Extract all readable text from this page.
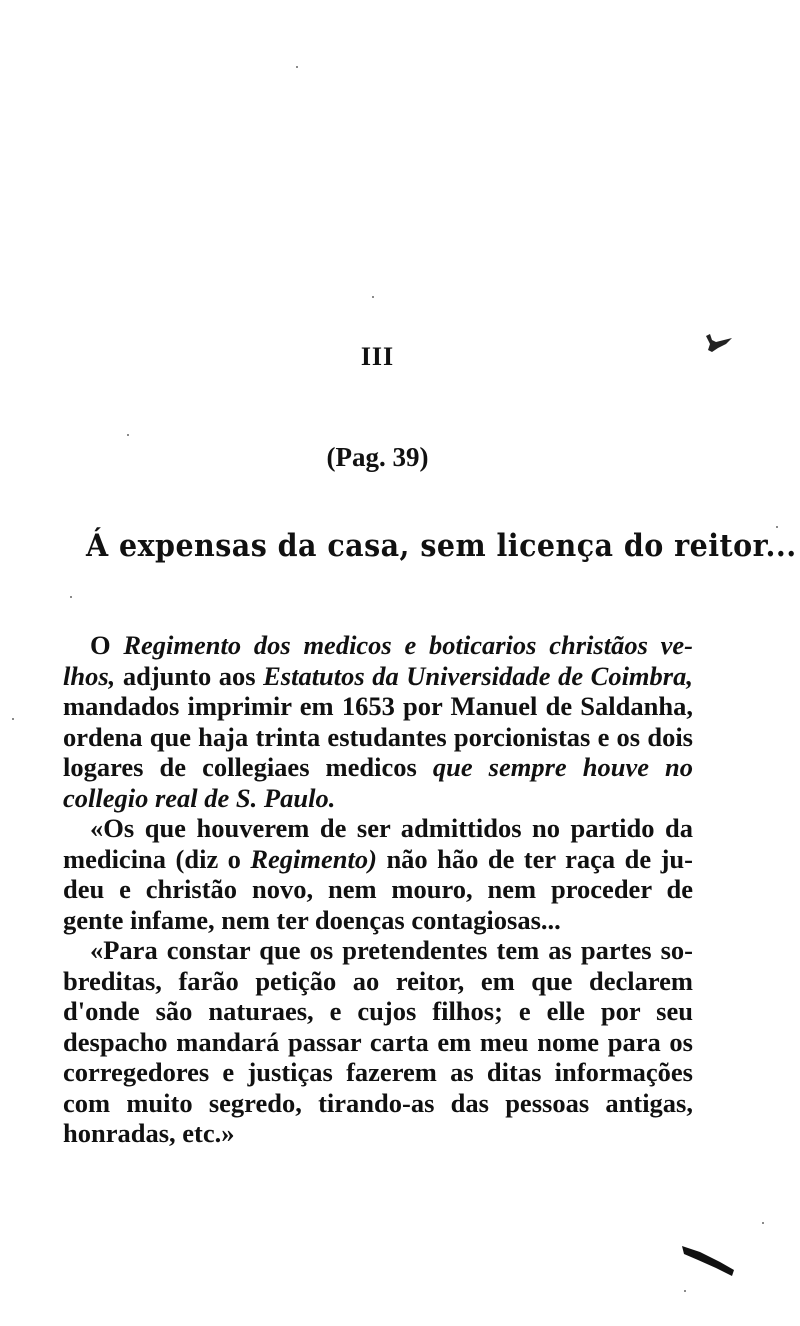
III
(Pag. 39)
Á expensas da casa, sem licença do reitor...

O Regimento dos medicos e boticarios christãos velhos, adjunto aos Estatutos da Universidade de Coimbra, mandados imprimir em 1653 por Manuel de Saldanha, ordena que haja trinta estudantes porcionistas e os dois logares de collegiaes medicos que sempre houve no collegio real de S. Paulo.

«Os que houverem de ser admittidos no partido da medicina (diz o Regimento) não hão de ter raça de judeu e christão novo, nem mouro, nem proceder de gente infame, nem ter doenças contagiosas...

«Para constar que os pretendentes tem as partes sobreditas, farão petição ao reitor, em que declarem d'onde são naturaes, e cujos filhos; e elle por seu despacho mandará passar carta em meu nome para os corregedores e justiças fazerem as ditas informações com muito segredo, tirando-as das pessoas antigas, honradas, etc.»
